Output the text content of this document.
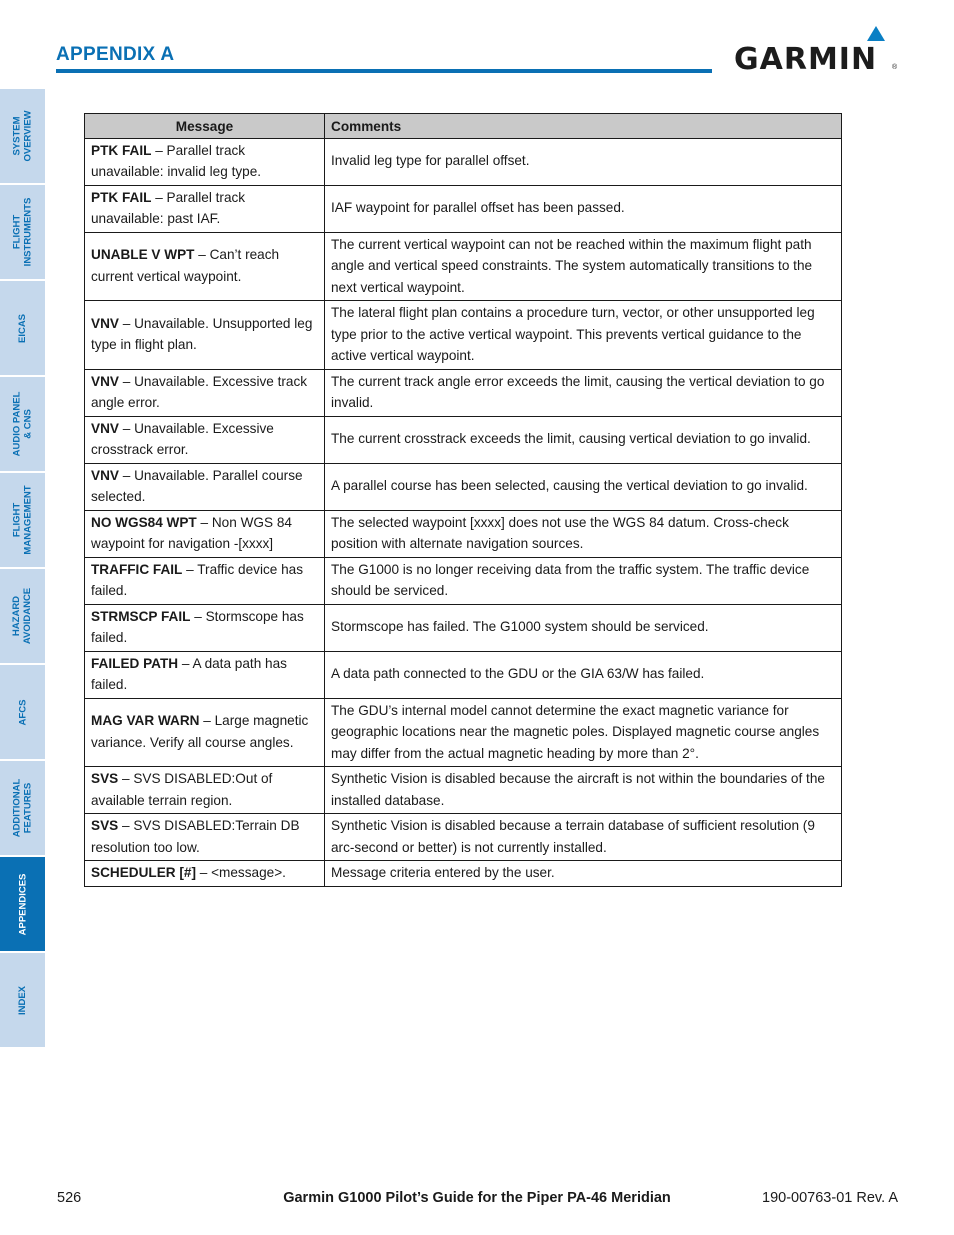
APPENDIX A	GARMIN ®
SYSTEM
OVERVIEW
FLIGHT
INSTRUMENTS
EICAS
AUDIO PANEL
& CNS
FLIGHT
MANAGEMENT
HAZARD
AVOIDANCE
AFCS
ADDITIONAL
FEATURES
APPENDICES
INDEX
Message	Comments
PTK FAIL – Parallel track unavailable: invalid leg type.	Invalid leg type for parallel offset.
PTK FAIL – Parallel track unavailable: past IAF.	IAF waypoint for parallel offset has been passed.
UNABLE V WPT – Can’t reach current vertical waypoint.	The current vertical waypoint can not be reached within the maximum flight path angle and vertical speed constraints. The system automatically transitions to the next vertical waypoint.
VNV – Unavailable. Unsupported leg type in flight plan.	The lateral flight plan contains a procedure turn, vector, or other unsupported leg type prior to the active vertical waypoint. This prevents vertical guidance to the active vertical waypoint.
VNV – Unavailable. Excessive track angle error.	The current track angle error exceeds the limit, causing the vertical deviation to go invalid.
VNV – Unavailable. Excessive crosstrack error.	The current crosstrack exceeds the limit, causing vertical deviation to go invalid.
VNV – Unavailable. Parallel course selected.	A parallel course has been selected, causing the vertical deviation to go invalid.
NO WGS84 WPT – Non WGS 84 waypoint for navigation -[xxxx]	The selected waypoint [xxxx] does not use the WGS 84 datum. Cross-check position with alternate navigation sources.
TRAFFIC FAIL – Traffic device has failed.	The G1000 is no longer receiving data from the traffic system. The traffic device should be serviced.
STRMSCP FAIL – Stormscope has failed.	Stormscope has failed. The G1000 system should be serviced.
FAILED PATH – A data path has failed.	A data path connected to the GDU or the GIA 63/W has failed.
MAG VAR WARN – Large magnetic variance. Verify all course angles.	The GDU’s internal model cannot determine the exact magnetic variance for geographic locations near the magnetic poles. Displayed magnetic course angles may differ from the actual magnetic heading by more than 2°.
SVS – SVS DISABLED:Out of available terrain region.	Synthetic Vision is disabled because the aircraft is not within the boundaries of the installed database.
SVS – SVS DISABLED:Terrain DB resolution too low.	Synthetic Vision is disabled because a terrain database of sufficient resolution (9 arc-second or better) is not currently installed.
SCHEDULER [#] – <message>.	Message criteria entered by the user.
526	Garmin G1000 Pilot’s Guide for the Piper PA-46 Meridian	190-00763-01 Rev. A
